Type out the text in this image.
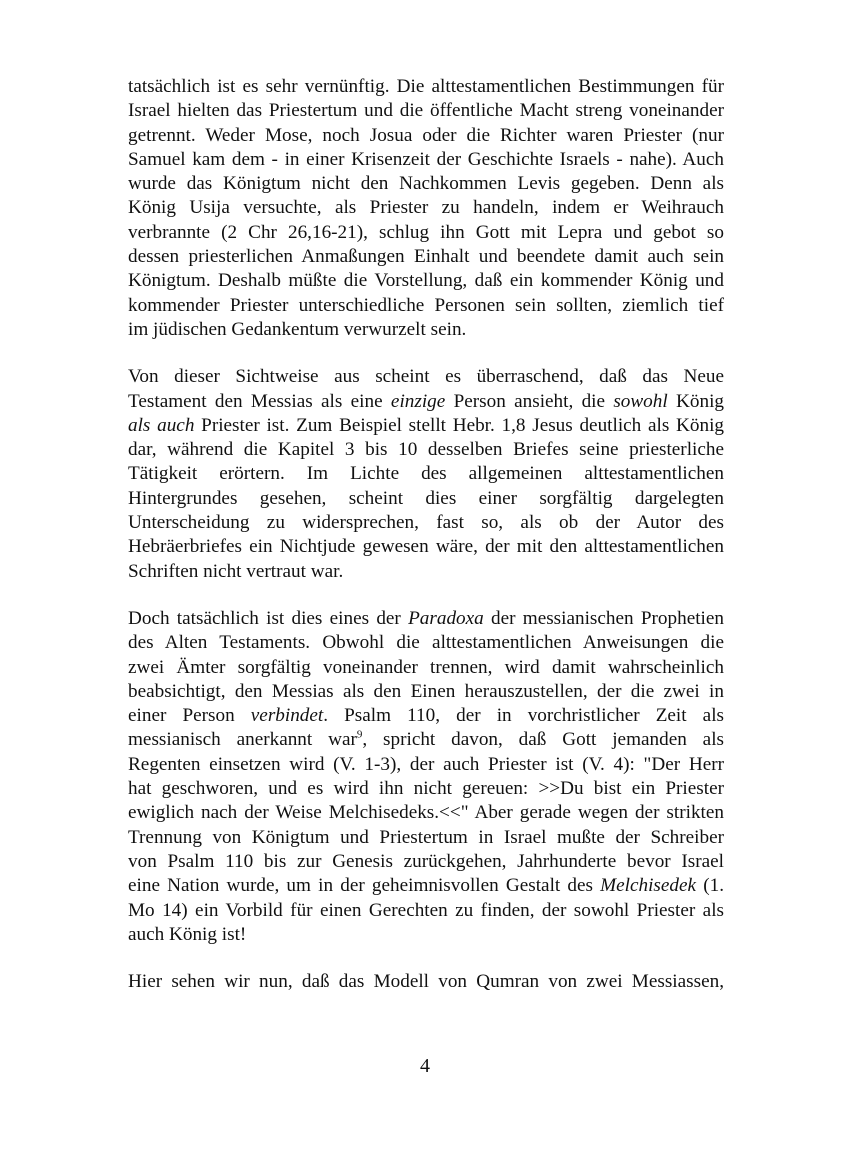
tatsächlich ist es sehr vernünftig. Die alttestamentlichen Bestimmungen für
Israel hielten das Priestertum und die öffentliche Macht streng voneinander
getrennt. Weder Mose, noch Josua oder die Richter waren Priester (nur
Samuel kam dem - in einer Krisenzeit der Geschichte Israels - nahe). Auch
wurde das Königtum nicht den Nachkommen Levis gegeben. Denn als
König Usija versuchte, als Priester zu handeln, indem er Weihrauch
verbrannte (2 Chr 26,16-21), schlug ihn Gott mit Lepra und gebot so
dessen priesterlichen Anmaßungen Einhalt und beendete damit auch sein
Königtum. Deshalb müßte die Vorstellung, daß ein kommender König und
kommender Priester unterschiedliche Personen sein sollten, ziemlich tief
im jüdischen Gedankentum verwurzelt sein.

Von dieser Sichtweise aus scheint es überraschend, daß das Neue
Testament den Messias als eine einzige Person ansieht, die sowohl König
als auch Priester ist. Zum Beispiel stellt Hebr. 1,8 Jesus deutlich als König
dar, während die Kapitel 3 bis 10 desselben Briefes seine priesterliche
Tätigkeit erörtern. Im Lichte des allgemeinen alttestamentlichen
Hintergrundes gesehen, scheint dies einer sorgfältig dargelegten
Unterscheidung zu widersprechen, fast so, als ob der Autor des
Hebräerbriefes ein Nichtjude gewesen wäre, der mit den alttestamentlichen
Schriften nicht vertraut war.

Doch tatsächlich ist dies eines der Paradoxa der messianischen Prophetien
des Alten Testaments. Obwohl die alttestamentlichen Anweisungen die
zwei Ämter sorgfältig voneinander trennen, wird damit wahrscheinlich
beabsichtigt, den Messias als den Einen herauszustellen, der die zwei in
einer Person verbindet. Psalm 110, der in vorchristlicher Zeit als
messianisch anerkannt war$^9$, spricht davon, daß Gott jemanden als
Regenten einsetzen wird (V. 1-3), der auch Priester ist (V. 4): "Der Herr
hat geschworen, und es wird ihn nicht gereuen: >>Du bist ein Priester
ewiglich nach der Weise Melchisedeks.<<" Aber gerade wegen der strikten
Trennung von Königtum und Priestertum in Israel mußte der Schreiber
von Psalm 110 bis zur Genesis zurückgehen, Jahrhunderte bevor Israel
eine Nation wurde, um in der geheimnisvollen Gestalt des Melchisedek (1.
Mo 14) ein Vorbild für einen Gerechten zu finden, der sowohl Priester als
auch König ist!

Hier sehen wir nun, daß das Modell von Qumran von zwei Messiassen,

4
